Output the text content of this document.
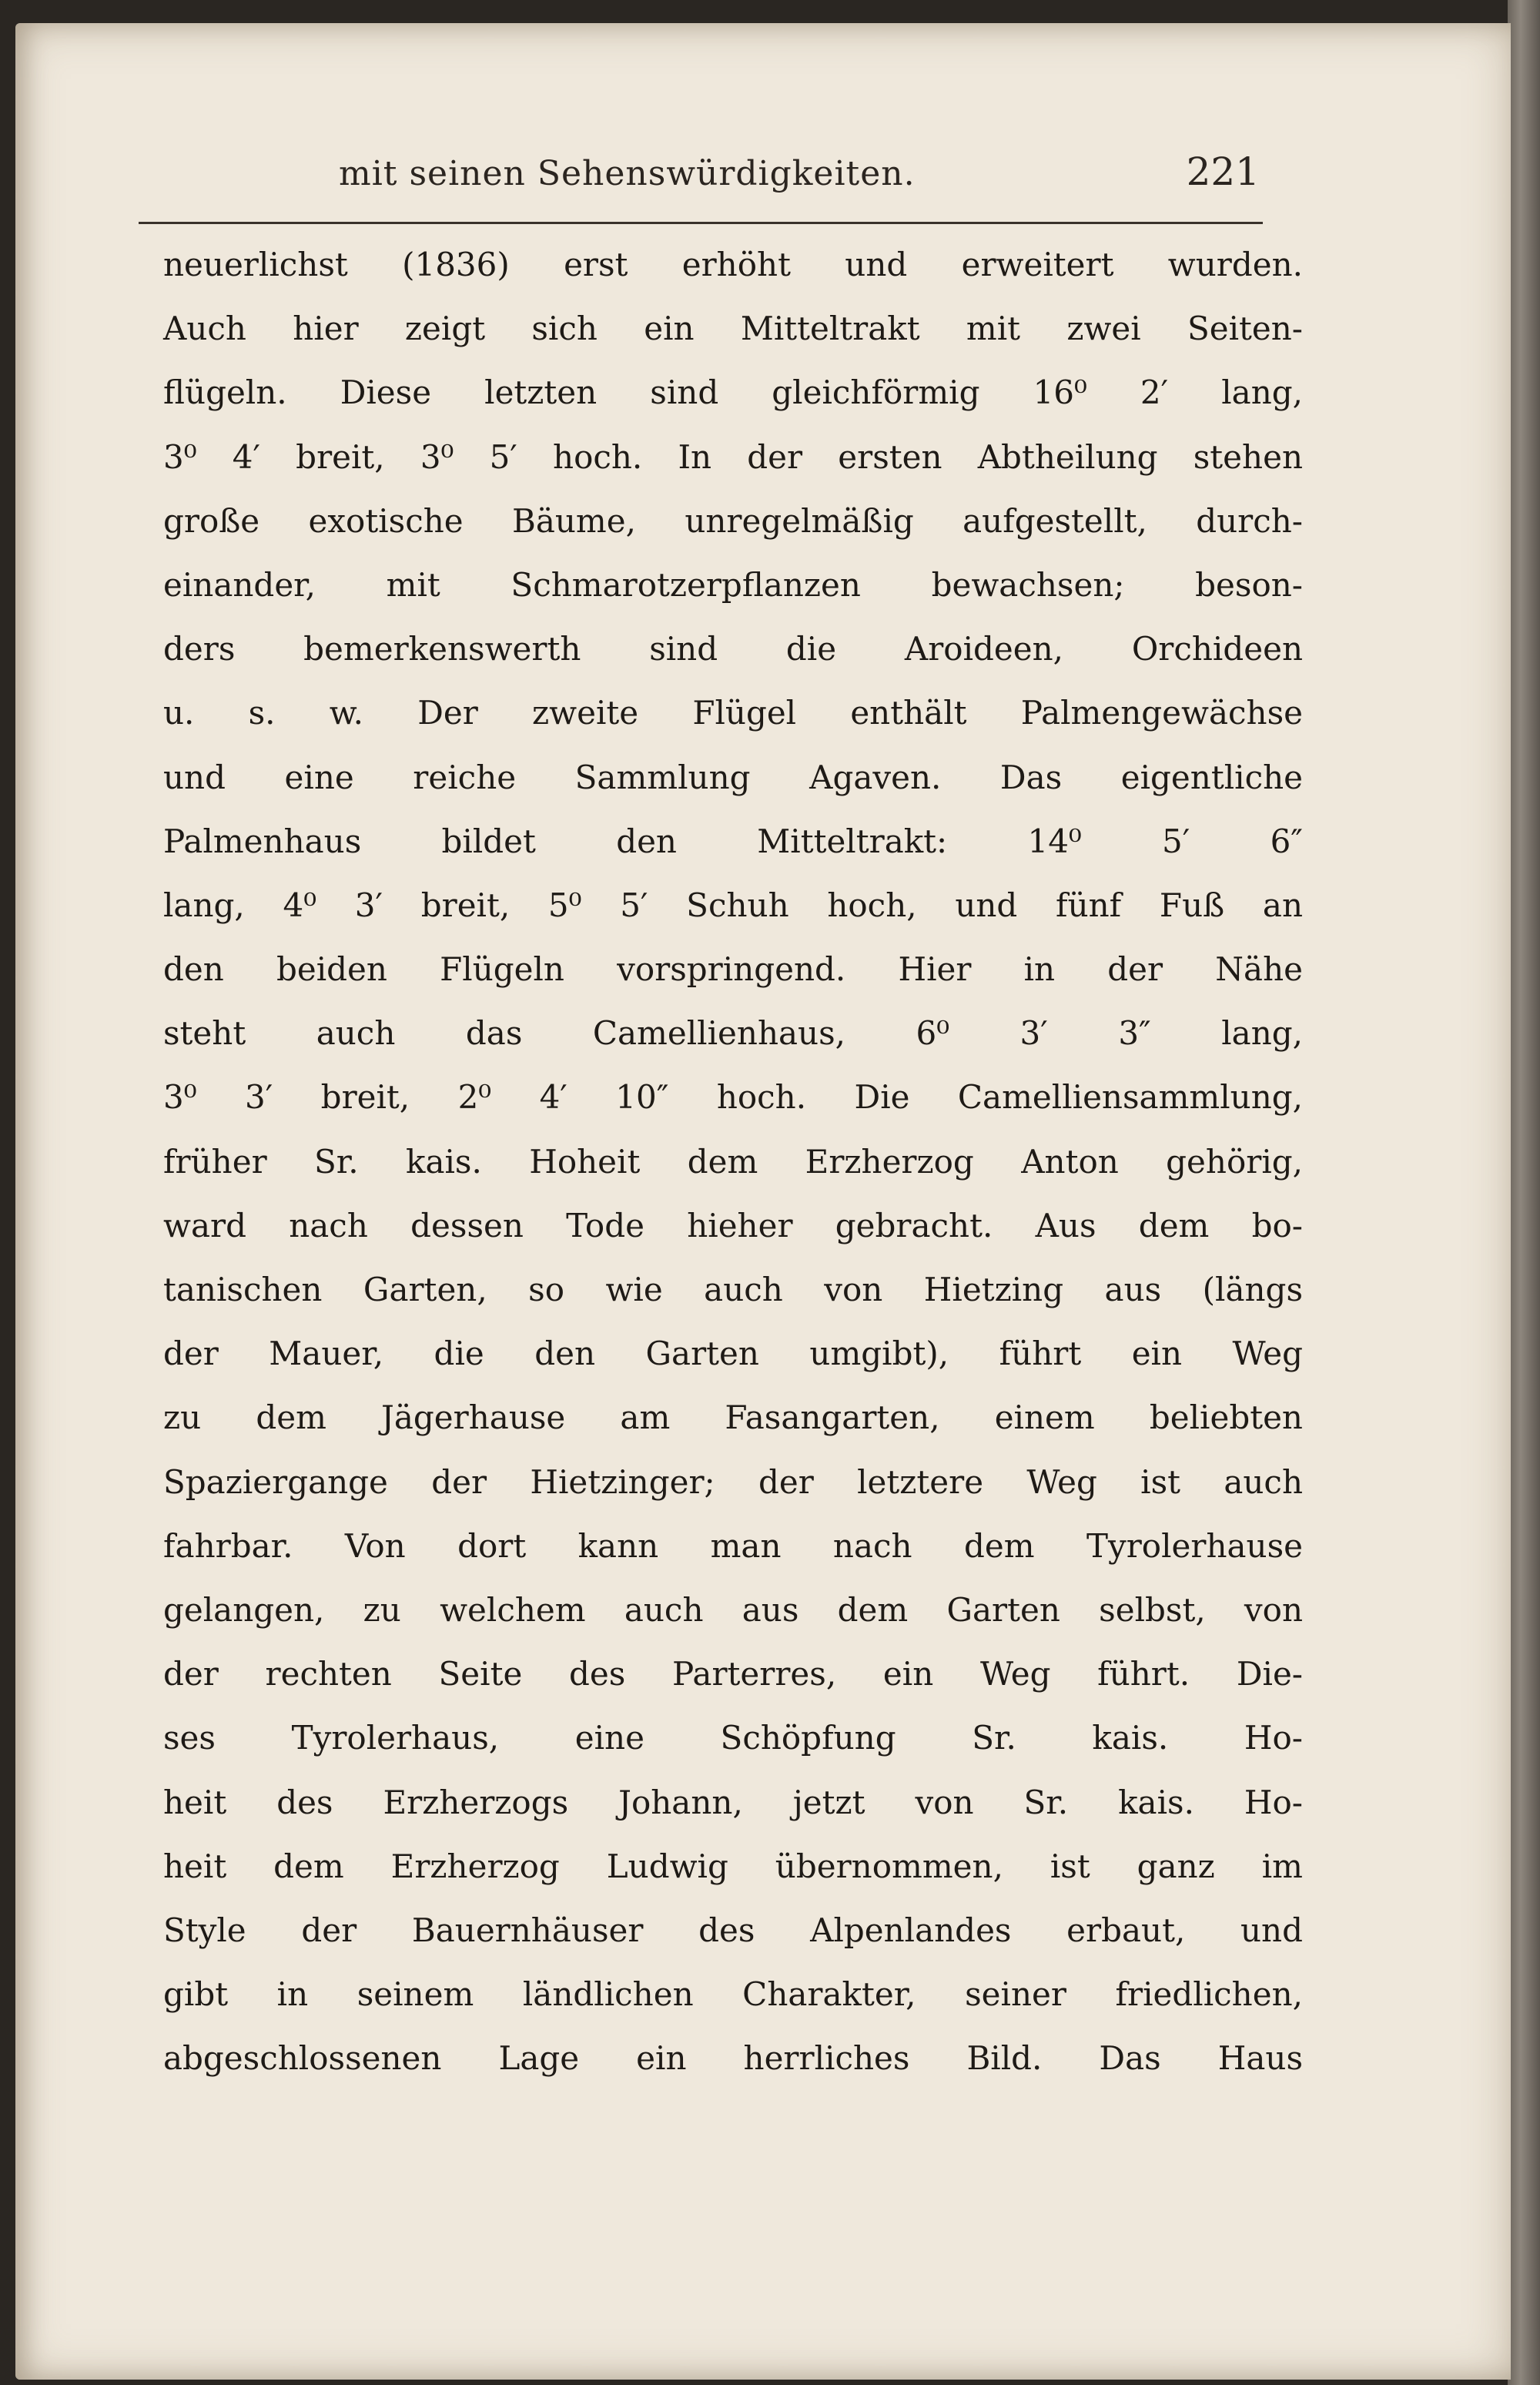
mit seinen Sehenswürdigkeiten.	221
neuerlichst (1836) erst erhöht und erweitert wurden.
Auch hier zeigt sich ein Mitteltrakt mit zwei Seiten-
flügeln. Diese letzten sind gleichförmig 16⁰ 2′ lang,
3⁰ 4′ breit, 3⁰ 5′ hoch. In der ersten Abtheilung stehen
große exotische Bäume, unregelmäßig aufgestellt, durch-
einander, mit Schmarotzerpflanzen bewachsen; beson-
ders bemerkenswerth sind die Aroideen, Orchideen
u. s. w. Der zweite Flügel enthält Palmengewächse
und eine reiche Sammlung Agaven. Das eigentliche
Palmenhaus bildet den Mitteltrakt: 14⁰ 5′ 6″
lang, 4⁰ 3′ breit, 5⁰ 5′ Schuh hoch, und fünf Fuß an
den beiden Flügeln vorspringend. Hier in der Nähe
steht auch das Camellienhaus, 6⁰ 3′ 3″ lang,
3⁰ 3′ breit, 2⁰ 4′ 10″ hoch. Die Camelliensammlung,
früher Sr. kais. Hoheit dem Erzherzog Anton gehörig,
ward nach dessen Tode hieher gebracht. Aus dem bo-
tanischen Garten, so wie auch von Hietzing aus (längs
der Mauer, die den Garten umgibt), führt ein Weg
zu dem Jägerhause am Fasangarten, einem beliebten
Spaziergange der Hietzinger; der letztere Weg ist auch
fahrbar. Von dort kann man nach dem Tyrolerhause
gelangen, zu welchem auch aus dem Garten selbst, von
der rechten Seite des Parterres, ein Weg führt. Die-
ses Tyrolerhaus, eine Schöpfung Sr. kais. Ho-
heit des Erzherzogs Johann, jetzt von Sr. kais. Ho-
heit dem Erzherzog Ludwig übernommen, ist ganz im
Style der Bauernhäuser des Alpenlandes erbaut, und
gibt in seinem ländlichen Charakter, seiner friedlichen,
abgeschlossenen Lage ein herrliches Bild. Das Haus
